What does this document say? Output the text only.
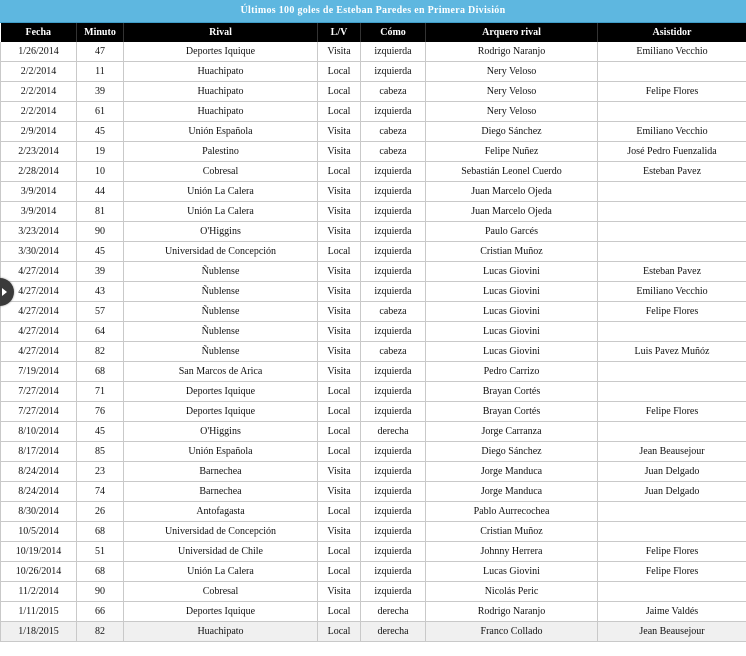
Últimos 100 goles de Esteban Paredes en Primera División
Fecha	Minuto	Rival	L/V	Cómo	Arquero rival	Asistidor
1/26/2014	47	Deportes Iquique	Visita	izquierda	Rodrigo Naranjo	Emiliano Vecchio
2/2/2014	11	Huachipato	Local	izquierda	Nery Veloso	
2/2/2014	39	Huachipato	Local	cabeza	Nery Veloso	Felipe Flores
2/2/2014	61	Huachipato	Local	izquierda	Nery Veloso	
2/9/2014	45	Unión Española	Visita	cabeza	Diego Sánchez	Emiliano Vecchio
2/23/2014	19	Palestino	Visita	cabeza	Felipe Nuñez	José Pedro Fuenzalida
2/28/2014	10	Cobresal	Local	izquierda	Sebastián Leonel Cuerdo	Esteban Pavez
3/9/2014	44	Unión La Calera	Visita	izquierda	Juan Marcelo Ojeda	
3/9/2014	81	Unión La Calera	Visita	izquierda	Juan Marcelo Ojeda	
3/23/2014	90	O'Higgins	Visita	izquierda	Paulo Garcés	
3/30/2014	45	Universidad de Concepción	Local	izquierda	Cristian Muñoz	
4/27/2014	39	Ñublense	Visita	izquierda	Lucas Giovini	Esteban Pavez
4/27/2014	43	Ñublense	Visita	izquierda	Lucas Giovini	Emiliano Vecchio
4/27/2014	57	Ñublense	Visita	cabeza	Lucas Giovini	Felipe Flores
4/27/2014	64	Ñublense	Visita	izquierda	Lucas Giovini	
4/27/2014	82	Ñublense	Visita	cabeza	Lucas Giovini	Luis Pavez Muñóz
7/19/2014	68	San Marcos de Arica	Visita	izquierda	Pedro Carrizo	
7/27/2014	71	Deportes Iquique	Local	izquierda	Brayan Cortés	
7/27/2014	76	Deportes Iquique	Local	izquierda	Brayan Cortés	Felipe Flores
8/10/2014	45	O'Higgins	Local	derecha	Jorge Carranza	
8/17/2014	85	Unión Española	Local	izquierda	Diego Sánchez	Jean Beausejour
8/24/2014	23	Barnechea	Visita	izquierda	Jorge Manduca	Juan Delgado
8/24/2014	74	Barnechea	Visita	izquierda	Jorge Manduca	Juan Delgado
8/30/2014	26	Antofagasta	Local	izquierda	Pablo Aurrecochea	
10/5/2014	68	Universidad de Concepción	Visita	izquierda	Cristian Muñoz	
10/19/2014	51	Universidad de Chile	Local	izquierda	Johnny Herrera	Felipe Flores
10/26/2014	68	Unión La Calera	Local	izquierda	Lucas Giovini	Felipe Flores
11/2/2014	90	Cobresal	Visita	izquierda	Nicolás Peric	
1/11/2015	66	Deportes Iquique	Local	derecha	Rodrigo Naranjo	Jaime Valdés
1/18/2015	82	Huachipato	Local	derecha	Franco Collado	Jean Beausejour
